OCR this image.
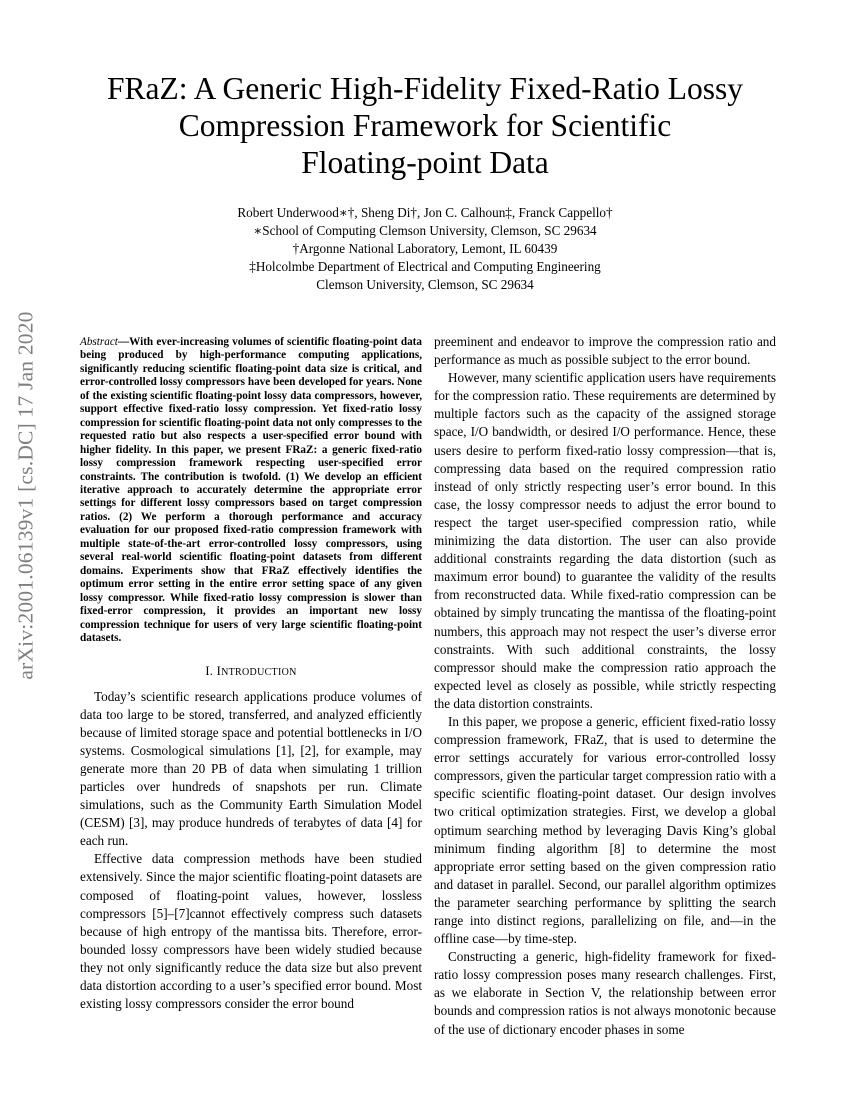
arXiv:2001.06139v1 [cs.DC] 17 Jan 2020
FRaZ: A Generic High-Fidelity Fixed-Ratio Lossy
Compression Framework for Scientific
Floating-point Data
Robert Underwood∗†, Sheng Di†, Jon C. Calhoun‡, Franck Cappello†
∗School of Computing Clemson University, Clemson, SC 29634
†Argonne National Laboratory, Lemont, IL 60439
‡Holcolmbe Department of Electrical and Computing Engineering
Clemson University, Clemson, SC 29634

Abstract—With ever-increasing volumes of scientific floating-point data being produced by high-performance computing applications, significantly reducing scientific floating-point data size is critical, and error-controlled lossy compressors have been developed for years. None of the existing scientific floating-point lossy data compressors, however, support effective fixed-ratio lossy compression. Yet fixed-ratio lossy compression for scientific floating-point data not only compresses to the requested ratio but also respects a user-specified error bound with higher fidelity. In this paper, we present FRaZ: a generic fixed-ratio lossy compression framework respecting user-specified error constraints. The contribution is twofold. (1) We develop an efficient iterative approach to accurately determine the appropriate error settings for different lossy compressors based on target compression ratios. (2) We perform a thorough performance and accuracy evaluation for our proposed fixed-ratio compression framework with multiple state-of-the-art error-controlled lossy compressors, using several real-world scientific floating-point datasets from different domains. Experiments show that FRaZ effectively identifies the optimum error setting in the entire error setting space of any given lossy compressor. While fixed-ratio lossy compression is slower than fixed-error compression, it provides an important new lossy compression technique for users of very large scientific floating-point datasets.

I. INTRODUCTION

Today’s scientific research applications produce volumes of data too large to be stored, transferred, and analyzed efficiently because of limited storage space and potential bottlenecks in I/O systems. Cosmological simulations [1], [2], for example, may generate more than 20 PB of data when simulating 1 trillion particles over hundreds of snapshots per run. Climate simulations, such as the Community Earth Simulation Model (CESM) [3], may produce hundreds of terabytes of data [4] for each run.

Effective data compression methods have been studied extensively. Since the major scientific floating-point datasets are composed of floating-point values, however, lossless compressors [5]–[7]cannot effectively compress such datasets because of high entropy of the mantissa bits. Therefore, error-bounded lossy compressors have been widely studied because they not only significantly reduce the data size but also prevent data distortion according to a user’s specified error bound. Most existing lossy compressors consider the error bound

preeminent and endeavor to improve the compression ratio and performance as much as possible subject to the error bound.

However, many scientific application users have requirements for the compression ratio. These requirements are determined by multiple factors such as the capacity of the assigned storage space, I/O bandwidth, or desired I/O performance. Hence, these users desire to perform fixed-ratio lossy compression—that is, compressing data based on the required compression ratio instead of only strictly respecting user’s error bound. In this case, the lossy compressor needs to adjust the error bound to respect the target user-specified compression ratio, while minimizing the data distortion. The user can also provide additional constraints regarding the data distortion (such as maximum error bound) to guarantee the validity of the results from reconstructed data. While fixed-ratio compression can be obtained by simply truncating the mantissa of the floating-point numbers, this approach may not respect the user’s diverse error constraints. With such additional constraints, the lossy compressor should make the compression ratio approach the expected level as closely as possible, while strictly respecting the data distortion constraints.

In this paper, we propose a generic, efficient fixed-ratio lossy compression framework, FRaZ, that is used to determine the error settings accurately for various error-controlled lossy compressors, given the particular target compression ratio with a specific scientific floating-point dataset. Our design involves two critical optimization strategies. First, we develop a global optimum searching method by leveraging Davis King’s global minimum finding algorithm [8] to determine the most appropriate error setting based on the given compression ratio and dataset in parallel. Second, our parallel algorithm optimizes the parameter searching performance by splitting the search range into distinct regions, parallelizing on file, and—in the offline case—by time-step.

Constructing a generic, high-fidelity framework for fixed-ratio lossy compression poses many research challenges. First, as we elaborate in Section V, the relationship between error bounds and compression ratios is not always monotonic because of the use of dictionary encoder phases in some
